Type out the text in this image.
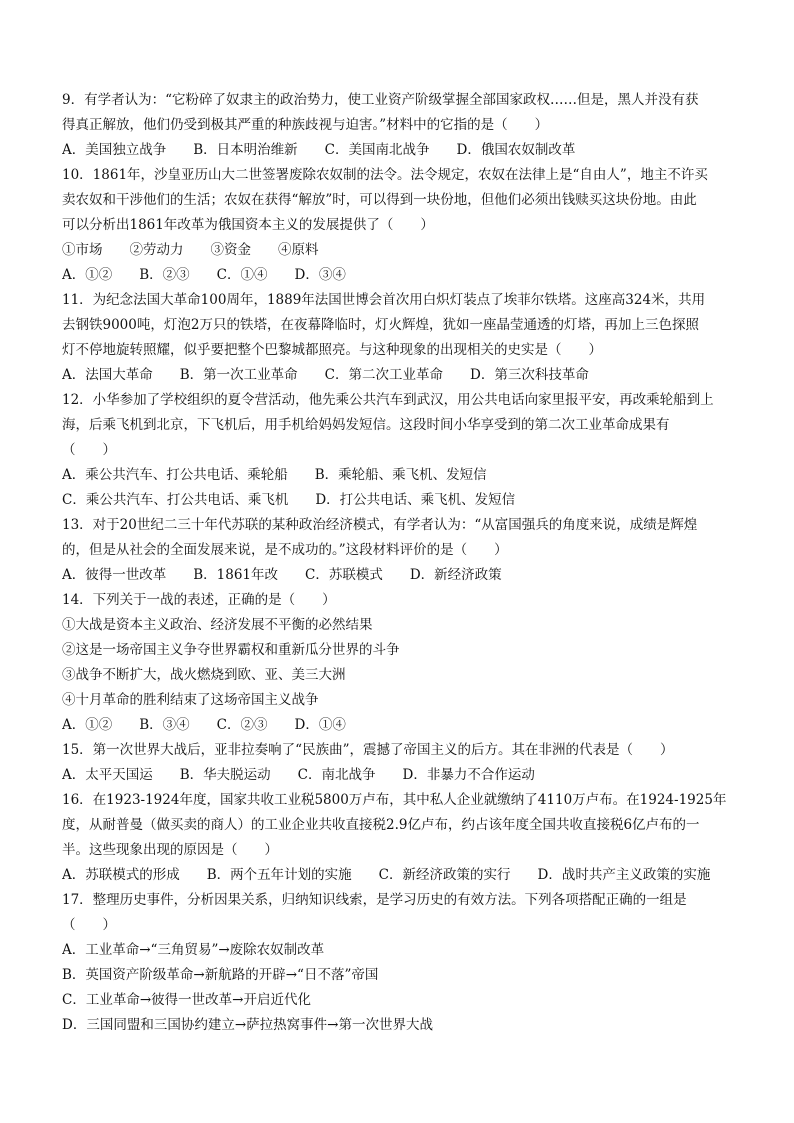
9．有学者认为：“它粉碎了奴隶主的政治势力，使工业资产阶级掌握全部国家政权……但是，黑人并没有获
得真正解放，他们仍受到极其严重的种族歧视与迫害。”材料中的它指的是（　　）
A．美国独立战争　　B．日本明治维新　　C．美国南北战争　　D．俄国农奴制改革
10．1861年，沙皇亚历山大二世签署废除农奴制的法令。法令规定，农奴在法律上是“自由人”，地主不许买
卖农奴和干涉他们的生活；农奴在获得“解放”时，可以得到一块份地，但他们必须出钱赎买这块份地。由此
可以分析出1861年改革为俄国资本主义的发展提供了（　　）
①市场　　②劳动力　　③资金　　④原料
A．①②　　B．②③　　C．①④　　D．③④
11．为纪念法国大革命100周年，1889年法国世博会首次用白炽灯装点了埃菲尔铁塔。这座高324米，共用
去钢铁9000吨，灯泡2万只的铁塔，在夜幕降临时，灯火辉煌，犹如一座晶莹通透的灯塔，再加上三色探照
灯不停地旋转照耀，似乎要把整个巴黎城都照亮。与这种现象的出现相关的史实是（　　）
A．法国大革命　　B．第一次工业革命　　C．第二次工业革命　　D．第三次科技革命
12．小华参加了学校组织的夏令营活动，他先乘公共汽车到武汉，用公共电话向家里报平安，再改乘轮船到上
海，后乘飞机到北京，下飞机后，用手机给妈妈发短信。这段时间小华享受到的第二次工业革命成果有
（　　）
A．乘公共汽车、打公共电话、乘轮船　　B．乘轮船、乘飞机、发短信
C．乘公共汽车、打公共电话、乘飞机　　D．打公共电话、乘飞机、发短信
13．对于20世纪二三十年代苏联的某种政治经济模式，有学者认为：“从富国强兵的角度来说，成绩是辉煌
的，但是从社会的全面发展来说，是不成功的。”这段材料评价的是（　　）
A．彼得一世改革　　B．1861年改　　C．苏联模式　　D．新经济政策
14．下列关于一战的表述，正确的是（　　）
①大战是资本主义政治、经济发展不平衡的必然结果
②这是一场帝国主义争夺世界霸权和重新瓜分世界的斗争
③战争不断扩大，战火燃烧到欧、亚、美三大洲
④十月革命的胜利结束了这场帝国主义战争
A．①②　　B．③④　　C．②③　　D．①④
15．第一次世界大战后，亚非拉奏响了“民族曲”，震撼了帝国主义的后方。其在非洲的代表是（　　）
A．太平天国运　　B．华夫脱运动　　C．南北战争　　D．非暴力不合作运动
16．在1923-1924年度，国家共收工业税5800万卢布，其中私人企业就缴纳了4110万卢布。在1924-1925年
度，从耐普曼（做买卖的商人）的工业企业共收直接税2.9亿卢布，约占该年度全国共收直接税6亿卢布的一
半。这些现象出现的原因是（　　）
A．苏联模式的形成　　B．两个五年计划的实施　　C．新经济政策的实行　　D．战时共产主义政策的实施
17．整理历史事件，分析因果关系，归纳知识线索，是学习历史的有效方法。下列各项搭配正确的一组是
（　　）
A．工业革命→“三角贸易”→废除农奴制改革
B．英国资产阶级革命→新航路的开辟→“日不落”帝国
C．工业革命→彼得一世改革→开启近代化
D．三国同盟和三国协约建立→萨拉热窝事件→第一次世界大战
